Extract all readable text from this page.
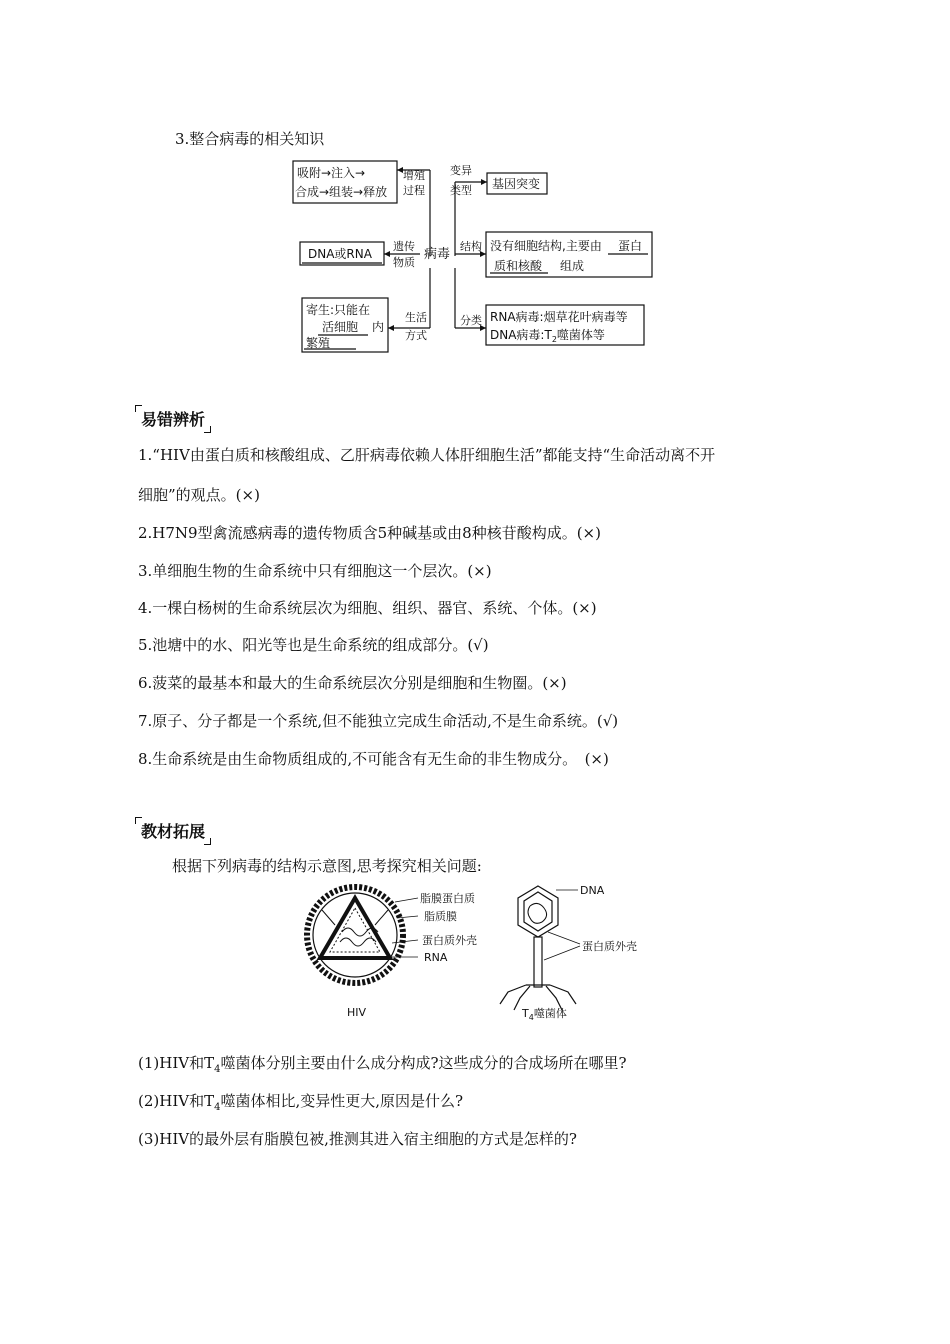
3.整合病毒的相关知识
吸附→注入→
合成→组装→释放
增殖
过程
变异
类型 基因突变
DNA或RNA
遗传
物质
病毒
结构 没有细胞结构,主要由 蛋白
质和核酸 组成
寄生:只能在
活细胞 内
繁殖
生活
方式
分类 RNA病毒:烟草花叶病毒等
DNA病毒$:T_2$噬菌体等
易错辨析
1.“HIV由蛋白质和核酸组成、乙肝病毒依赖人体肝细胞生活”都能支持“生命活动离不开
细胞”的观点。(×)
2.H7N9型禽流感病毒的遗传物质含5种碱基或由8种核苷酸构成。(×)
3.单细胞生物的生命系统中只有细胞这一个层次。(×)
4.一棵白杨树的生命系统层次为细胞、组织、器官、系统、个体。(×)
5.池塘中的水、阳光等也是生命系统的组成部分。(√)
6.菠菜的最基本和最大的生命系统层次分别是细胞和生物圈。(×)
7.原子、分子都是一个系统,但不能独立完成生命活动,不是生命系统。(√)
8.生命系统是由生命物质组成的,不可能含有无生命的非生物成分。　(×)
教材拓展
根据下列病毒的结构示意图,思考探究相关问题:
脂膜蛋白质
脂质膜
蛋白质外壳
RNA
HIV
DNA
蛋白质外壳
$T_4$噬菌体
(1)HIV和$T_4$噬菌体分别主要由什么成分构成?这些成分的合成场所在哪里?
(2)HIV和$T_4$噬菌体相比,变异性更大,原因是什么?
(3)HIV的最外层有脂膜包被,推测其进入宿主细胞的方式是怎样的?
